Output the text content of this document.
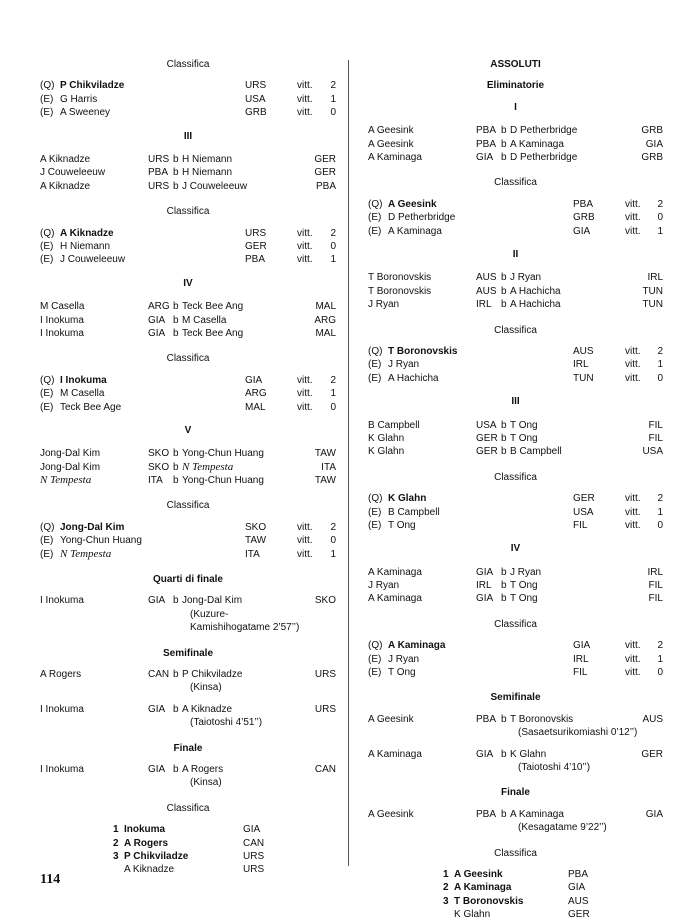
Classifica
(Q) P Chikviladze	URS	vitt. 2
(E) G Harris	USA	vitt. 1
(E) A Sweeney	GRB	vitt. 0
III
A Kiknadze	URS b H Niemann	GER
J Couweleeuw	PBA b H Niemann	GER
A Kiknadze	URS b J Couweleeuw	PBA
Classifica
(Q) A Kiknadze	URS	vitt. 2
(E) H Niemann	GER	vitt. 0
(E) J Couweleeuw	PBA	vitt. 1
IV
M Casella	ARG b Teck Bee Ang	MAL
I Inokuma	GIA b M Casella	ARG
I Inokuma	GIA b Teck Bee Ang	MAL
Classifica
(Q) I Inokuma	GIA	vitt. 2
(E) M Casella	ARG	vitt. 1
(E) Teck Bee Age	MAL	vitt. 0
V
Jong-Dal Kim	SKO b Yong-Chun Huang	TAW
Jong-Dal Kim	SKO b N Tempesta	ITA
N Tempesta	ITA b Yong-Chun Huang	TAW
Classifica
(Q) Jong-Dal Kim	SKO	vitt. 2
(E) Yong-Chun Huang	TAW	vitt. 0
(E) N Tempesta	ITA	vitt. 1
Quarti di finale
I Inokuma	GIA b Jong-Dal Kim	SKO
(Kuzure-
Kamishihogatame 2’57’’)
Semifinale
A Rogers	CAN b P Chikviladze	URS
(Kinsa)
I Inokuma	GIA b A Kiknadze	URS
(Taiotoshi 4’51’’)
Finale
I Inokuma	GIA b A Rogers	CAN
(Kinsa)
Classifica
1 Inokuma	GIA
2 A Rogers	CAN
3 P Chikviladze	URS
A Kiknadze	URS
ASSOLUTI
Eliminatorie
I
A Geesink	PBA b D Petherbridge	GRB
A Geesink	PBA b A Kaminaga	GIA
A Kaminaga	GIA b D Petherbridge	GRB
Classifica
(Q) A Geesink	PBA	vitt. 2
(E) D Petherbridge	GRB	vitt. 0
(E) A Kaminaga	GIA	vitt. 1
II
T Boronovskis	AUS b J Ryan	IRL
T Boronovskis	AUS b A Hachicha	TUN
J Ryan	IRL b A Hachicha	TUN
Classifica
(Q) T Boronovskis	AUS	vitt. 2
(E) J Ryan	IRL	vitt. 1
(E) A Hachicha	TUN	vitt. 0
III
B Campbell	USA b T Ong	FIL
K Glahn	GER b T Ong	FIL
K Glahn	GER b B Campbell	USA
Classifica
(Q) K Glahn	GER	vitt. 2
(E) B Campbell	USA	vitt. 1
(E) T Ong	FIL	vitt. 0
IV
A Kaminaga	GIA b J Ryan	IRL
J Ryan	IRL b T Ong	FIL
A Kaminaga	GIA b T Ong	FIL
Classifica
(Q) A Kaminaga	GIA	vitt. 2
(E) J Ryan	IRL	vitt. 1
(E) T Ong	FIL	vitt. 0
Semifinale
A Geesink	PBA b T Boronovskis	AUS
(Sasaetsurikomiashi 0’12’’)
A Kaminaga	GIA b K Glahn	GER
(Taiotoshi 4’10’’)
Finale
A Geesink	PBA b A Kaminaga	GIA
(Kesagatame 9’22’’)
Classifica
1 A Geesink	PBA
2 A Kaminaga	GIA
3 T Boronovskis	AUS
K Glahn	GER
114
